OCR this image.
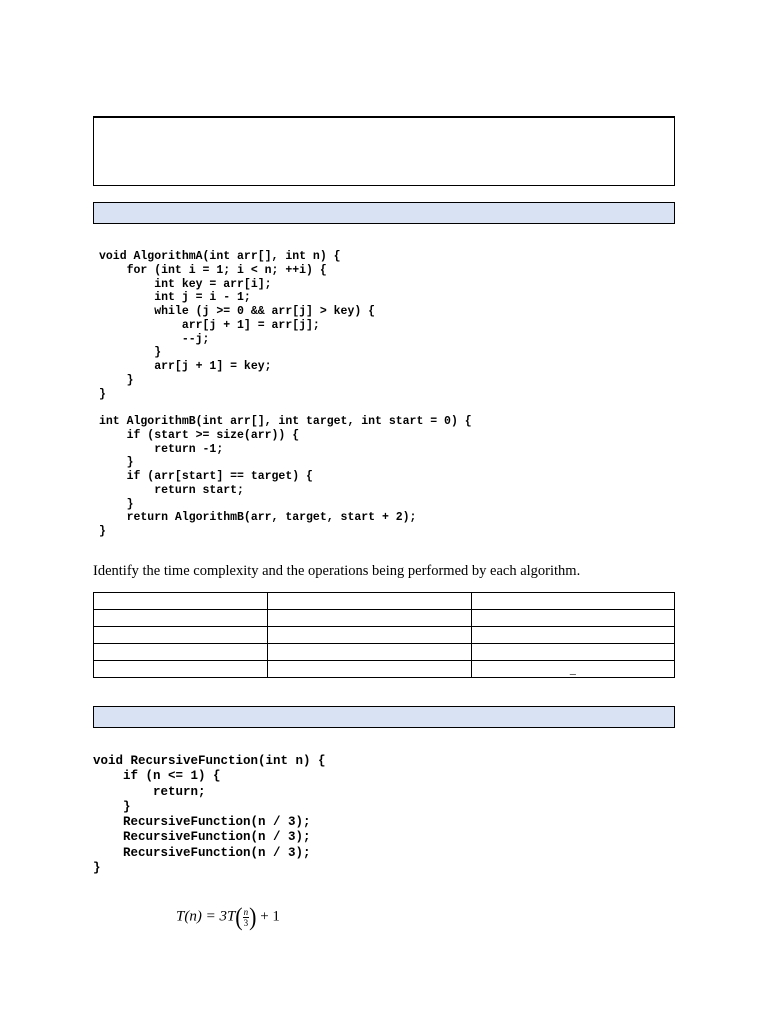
void AlgorithmA(int arr[], int n) {
for (int i = 1; i < n; ++i) {
int key = arr[i];
int j = i - 1;
while (j >= 0 && arr[j] > key) {
arr[j + 1] = arr[j];
--j;
}
arr[j + 1] = key;
}
}
int AlgorithmB(int arr[], int target, int start = 0) {
if (start >= size(arr)) {
return -1;
}
if (arr[start] == target) {
return start;
}
return AlgorithmB(arr, target, start + 2);
}

Identify the time complexity and the operations being performed by each algorithm.

		_
void RecursiveFunction(int n) {
if (n <= 1) {
return;
}
RecursiveFunction(n / 3);
RecursiveFunction(n / 3);
RecursiveFunction(n / 3);
}
$T(n) = 3T( \frac{n}{3}$ ) + 1
